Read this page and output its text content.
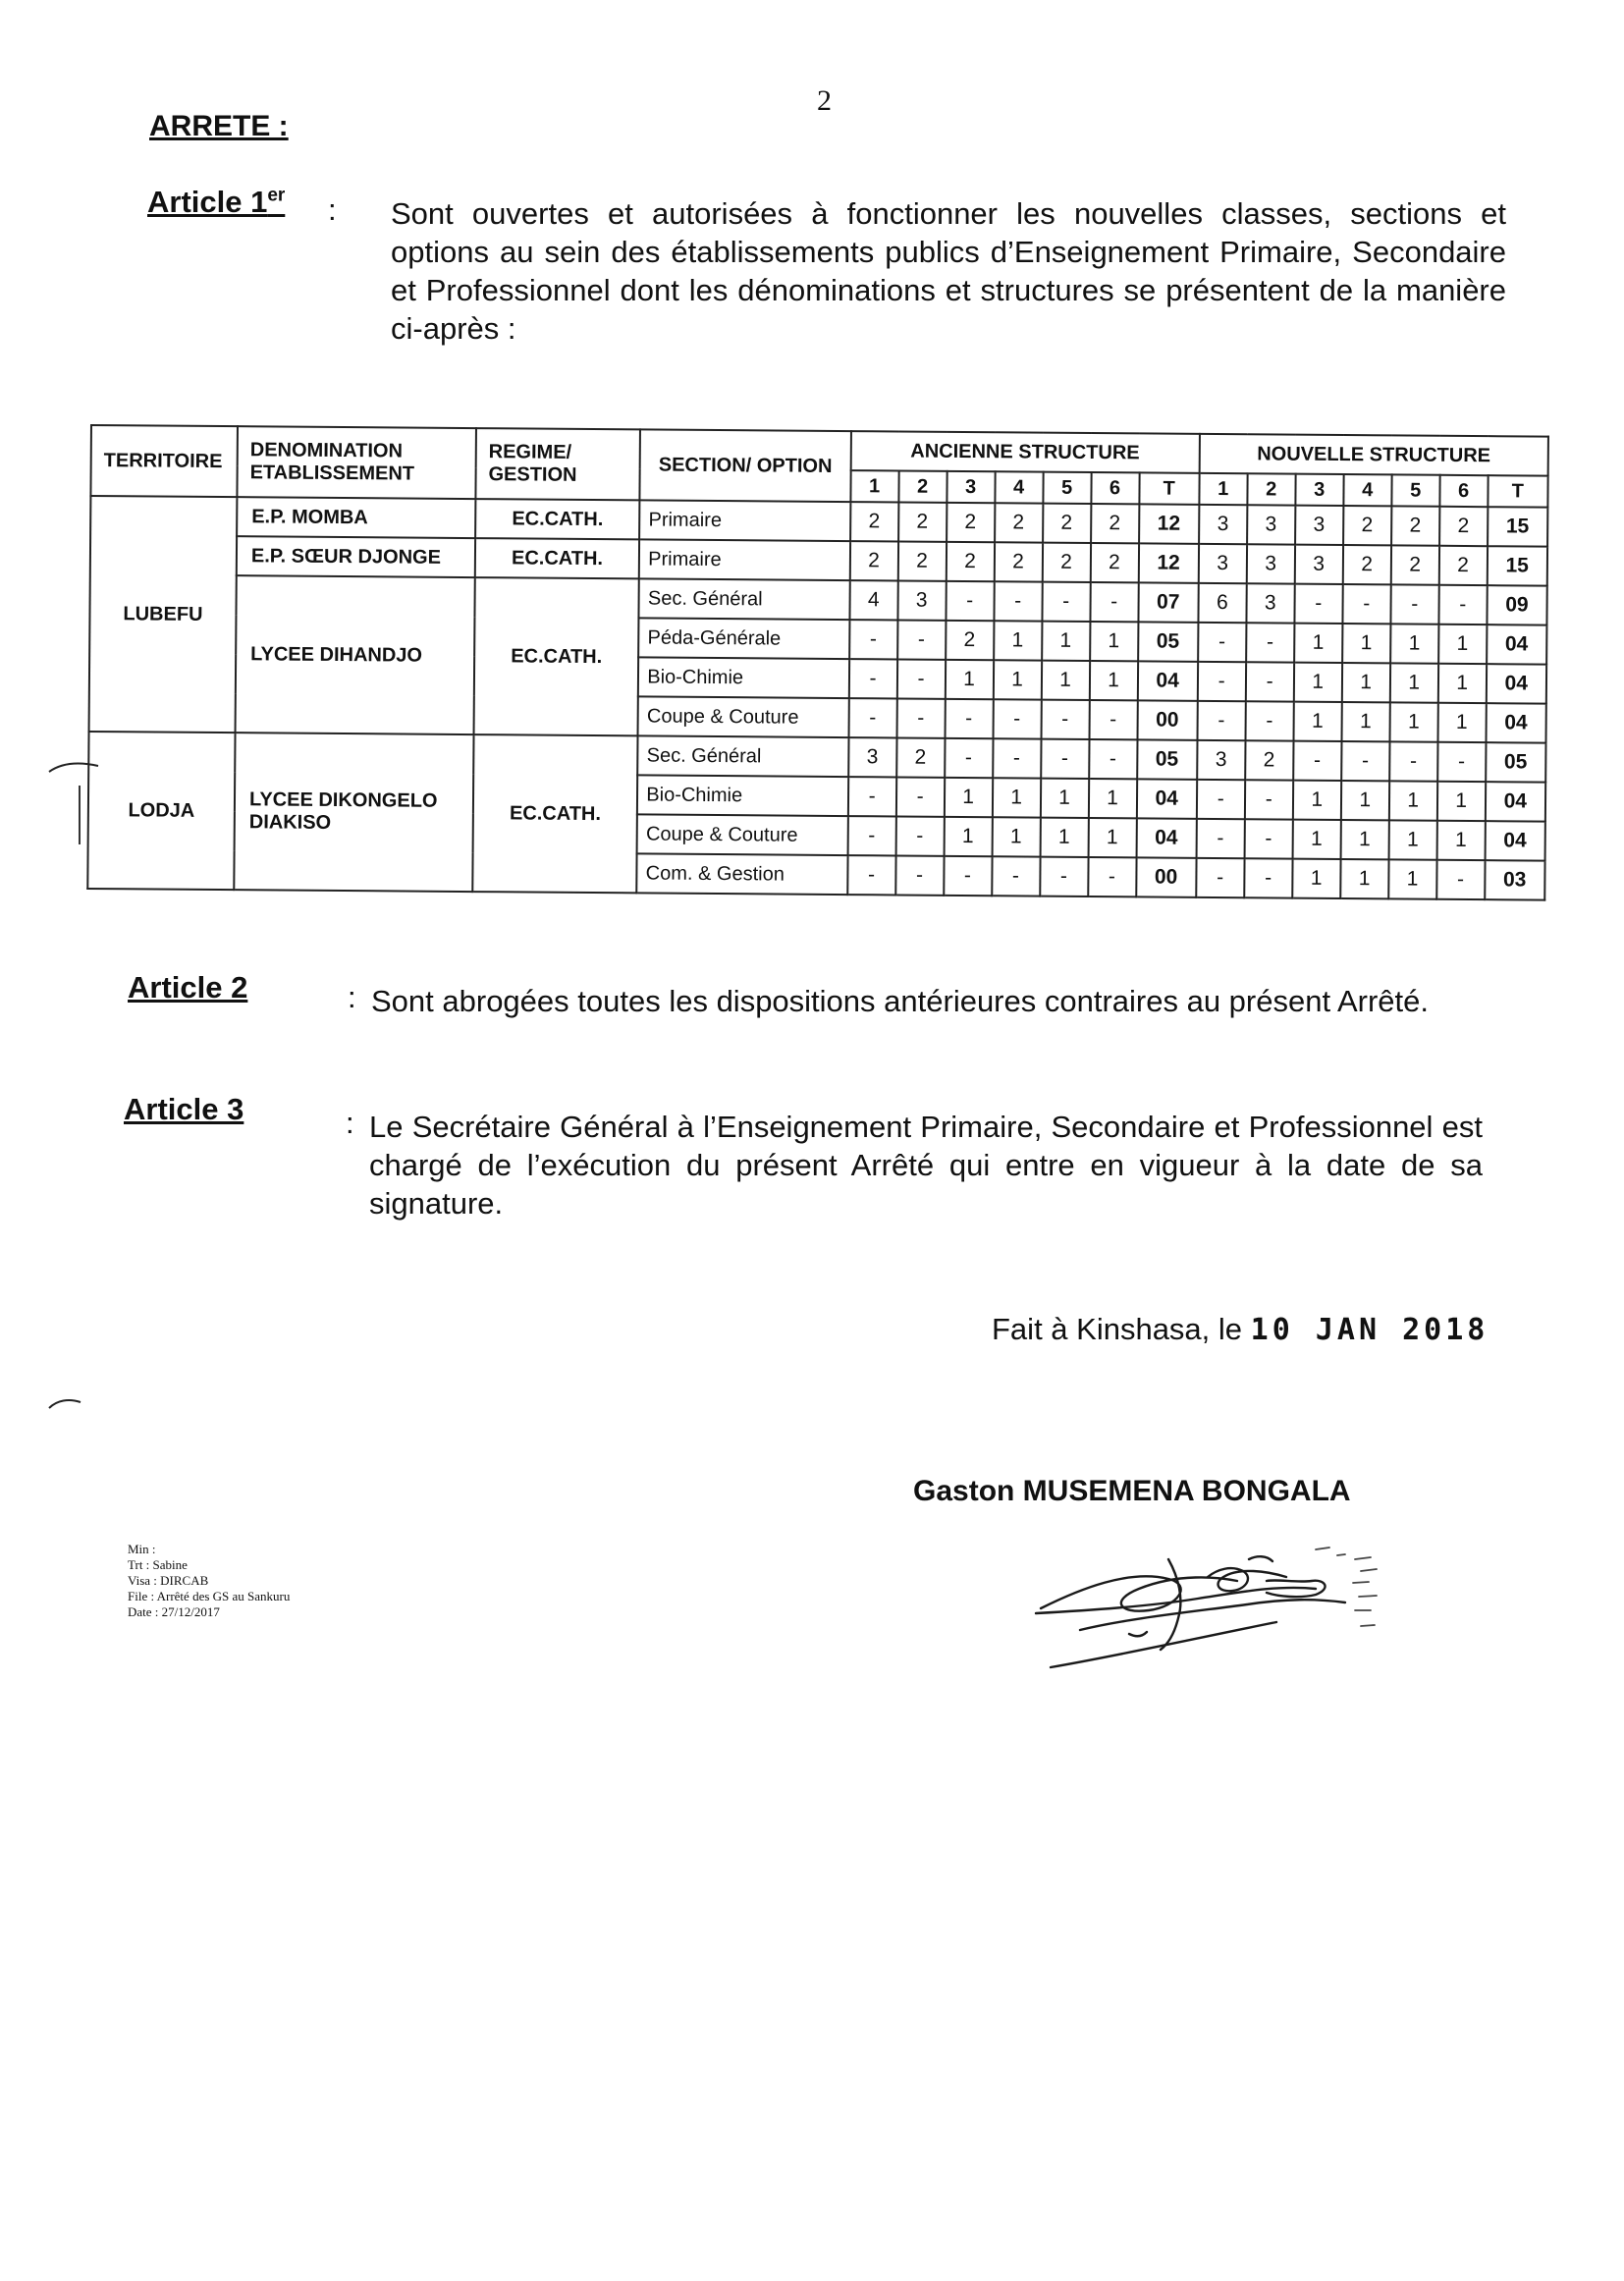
2
ARRETE :
Article 1er : Sont ouvertes et autorisées à fonctionner les nouvelles classes, sections et options au sein des établissements publics d’Enseignement Primaire, Secondaire et Professionnel dont les dénominations et structures se présentent de la manière ci-après :
TERRITOIRE	DENOMINATION ETABLISSEMENT	REGIME/ GESTION	SECTION/ OPTION	ANCIENNE STRUCTURE							NOUVELLE STRUCTURE						
				1	2	3	4	5	6	T	1	2	3	4	5	6	T
LUBEFU	E.P. MOMBA	EC.CATH.	Primaire	2	2	2	2	2	2	12	3	3	3	2	2	2	15
	E.P. SŒUR DJONGE	EC.CATH.	Primaire	2	2	2	2	2	2	12	3	3	3	2	2	2	15
	LYCEE DIHANDJO	EC.CATH.	Sec. Général	4	3	-	-	-	-	07	6	3	-	-	-	-	09
			Péda-Générale	-	-	2	1	1	1	05	-	-	1	1	1	1	04
			Bio-Chimie	-	-	1	1	1	1	04	-	-	1	1	1	1	04
			Coupe & Couture	-	-	-	-	-	-	00	-	-	1	1	1	1	04
LODJA	LYCEE DIKONGELO DIAKISO	EC.CATH.	Sec. Général	3	2	-	-	-	-	05	3	2	-	-	-	-	05
			Bio-Chimie	-	-	1	1	1	1	04	-	-	1	1	1	1	04
			Coupe & Couture	-	-	1	1	1	1	04	-	-	1	1	1	1	04
			Com. & Gestion	-	-	-	-	-	-	00	-	-	1	1	1	-	03
Article 2	: Sont abrogées toutes les dispositions antérieures contraires au présent Arrêté.
Article 3	: Le Secrétaire Général à l’Enseignement Primaire, Secondaire et Professionnel est chargé de l’exécution du présent Arrêté qui entre en vigueur à la date de sa signature.
Fait à Kinshasa, le 10 JAN 2018
Gaston MUSEMENA BONGALA
Min :
Trt : Sabine
Visa : DIRCAB
File : Arrêté des GS au Sankuru
Date : 27/12/2017
